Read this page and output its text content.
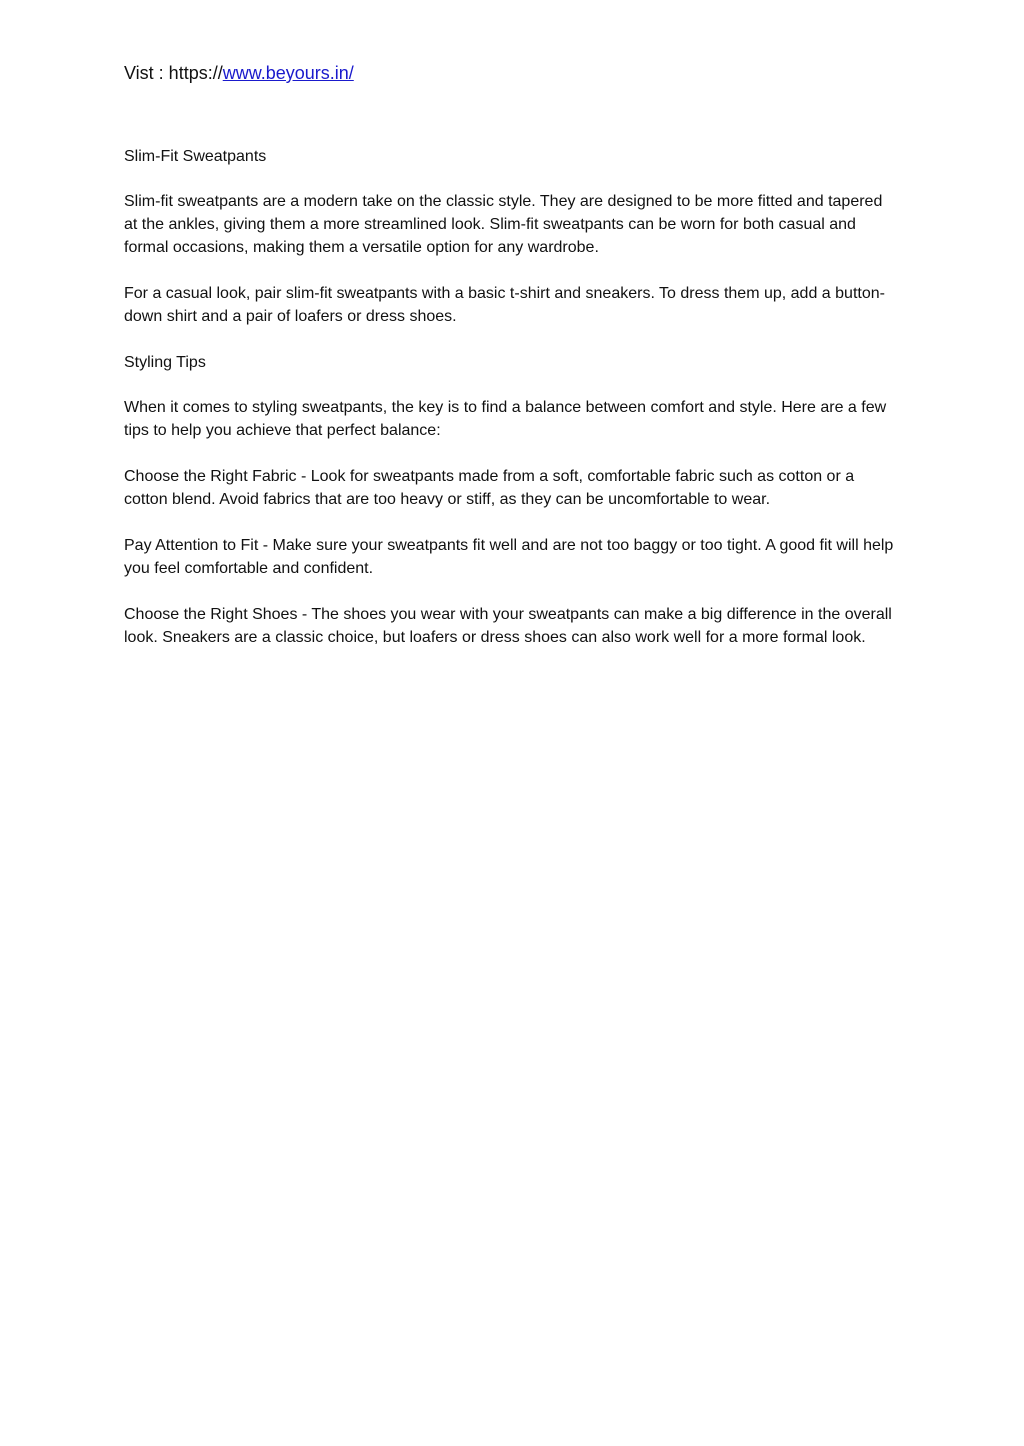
Vist : https://www.beyours.in/

Slim-Fit Sweatpants

Slim-fit sweatpants are a modern take on the classic style. They are designed to be more fitted and tapered at the ankles, giving them a more streamlined look. Slim-fit sweatpants can be worn for both casual and formal occasions, making them a versatile option for any wardrobe.

For a casual look, pair slim-fit sweatpants with a basic t-shirt and sneakers. To dress them up, add a button-down shirt and a pair of loafers or dress shoes.

Styling Tips

When it comes to styling sweatpants, the key is to find a balance between comfort and style. Here are a few tips to help you achieve that perfect balance:

Choose the Right Fabric - Look for sweatpants made from a soft, comfortable fabric such as cotton or a cotton blend. Avoid fabrics that are too heavy or stiff, as they can be uncomfortable to wear.

Pay Attention to Fit - Make sure your sweatpants fit well and are not too baggy or too tight. A good fit will help you feel comfortable and confident.

Choose the Right Shoes - The shoes you wear with your sweatpants can make a big difference in the overall look. Sneakers are a classic choice, but loafers or dress shoes can also work well for a more formal look.
